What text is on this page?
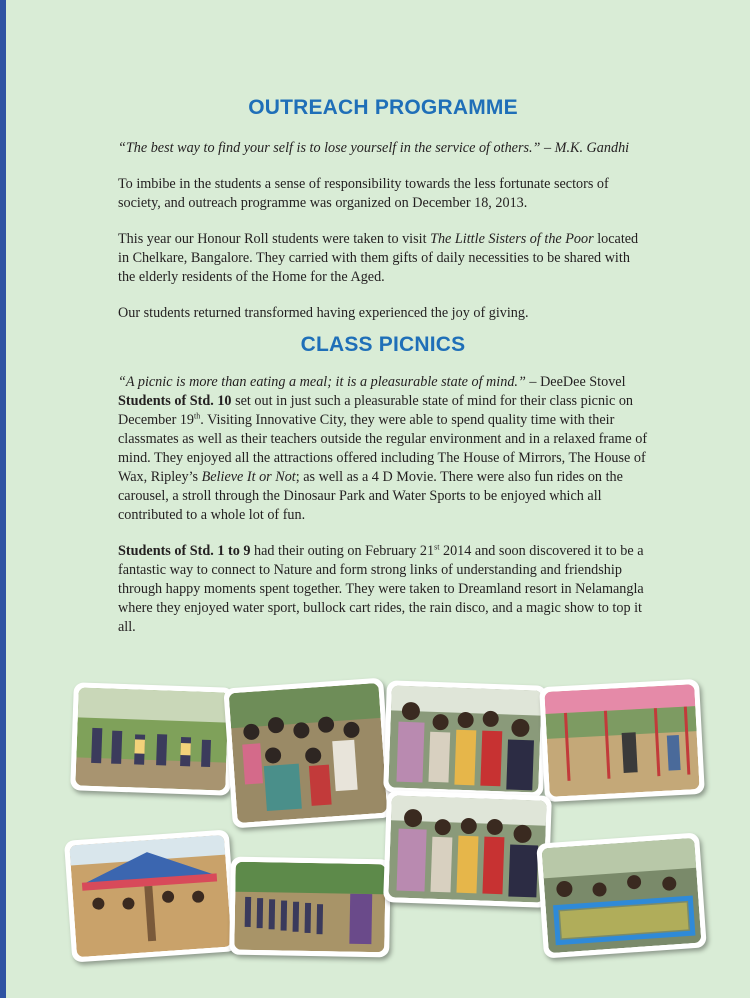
OUTREACH PROGRAMME

“The best way to find your self is to lose yourself in the service of others.” – M.K. Gandhi

To imbibe in the students a sense of responsibility towards the less fortunate sectors of society, and outreach programme was organized on December 18, 2013.

This year our Honour Roll students were taken to visit The Little Sisters of the Poor located in Chelkare, Bangalore. They carried with them gifts of daily necessities to be shared with the elderly residents of the Home for the Aged.

Our students returned transformed having experienced the joy of giving.

CLASS PICNICS

“A picnic is more than eating a meal; it is a pleasurable state of mind.” – DeeDee Stovel

Students of Std. 10 set out in just such a pleasurable state of mind for their class picnic on December 19th. Visiting Innovative City, they were able to spend quality time with their classmates as well as their teachers outside the regular environment and in a relaxed frame of mind. They enjoyed all the attractions offered including The House of Mirrors, The House of Wax, Ripley’s Believe It or Not; as well as a 4 D Movie. There were also fun rides on the carousel, a stroll through the Dinosaur Park and Water Sports to be enjoyed which all contributed to a whole lot of fun.

Students of Std. 1 to 9 had their outing on February 21st 2014 and soon discovered it to be a fantastic way to connect to Nature and form strong links of understanding and friendship through happy moments spent together. They were taken to Dreamland resort in Nelamangla where they enjoyed water sport, bullock cart rides, the rain disco, and a magic show to top it all.
